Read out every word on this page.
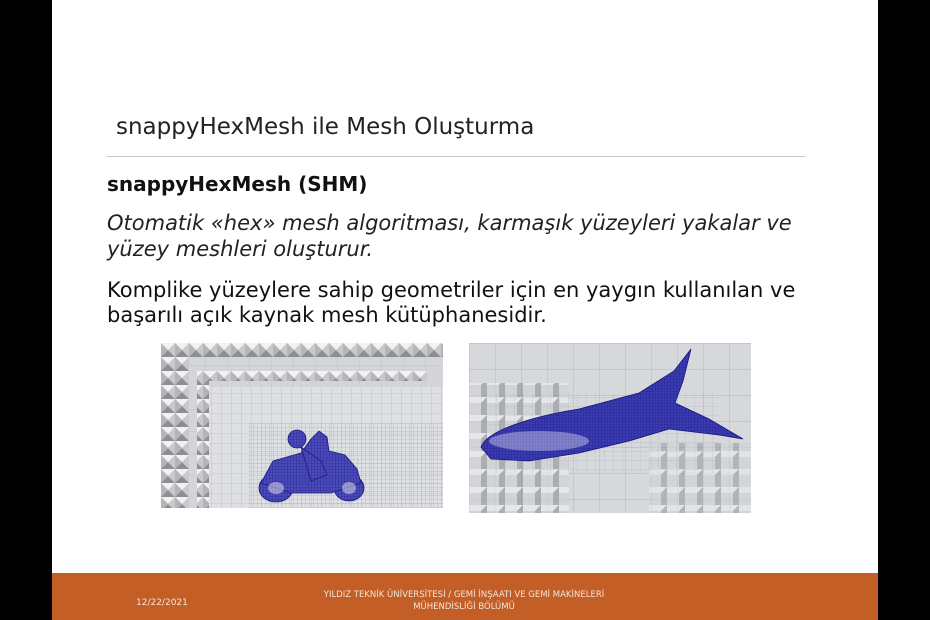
snappyHexMesh ile Mesh Oluşturma
snappyHexMesh (SHM)
Otomatik «hex» mesh algoritması, karmaşık yüzeyleri yakalar ve yüzey meshleri oluşturur.
Komplike yüzeylere sahip geometriler için en yaygın kullanılan ve başarılı açık kaynak mesh kütüphanesidir.
12/22/2021
YILDIZ TEKNİK ÜNİVERSİTESİ / GEMİ İNŞAATI VE GEMİ MAKİNELERİ MÜHENDİSLİĞİ BÖLÜMÜ
